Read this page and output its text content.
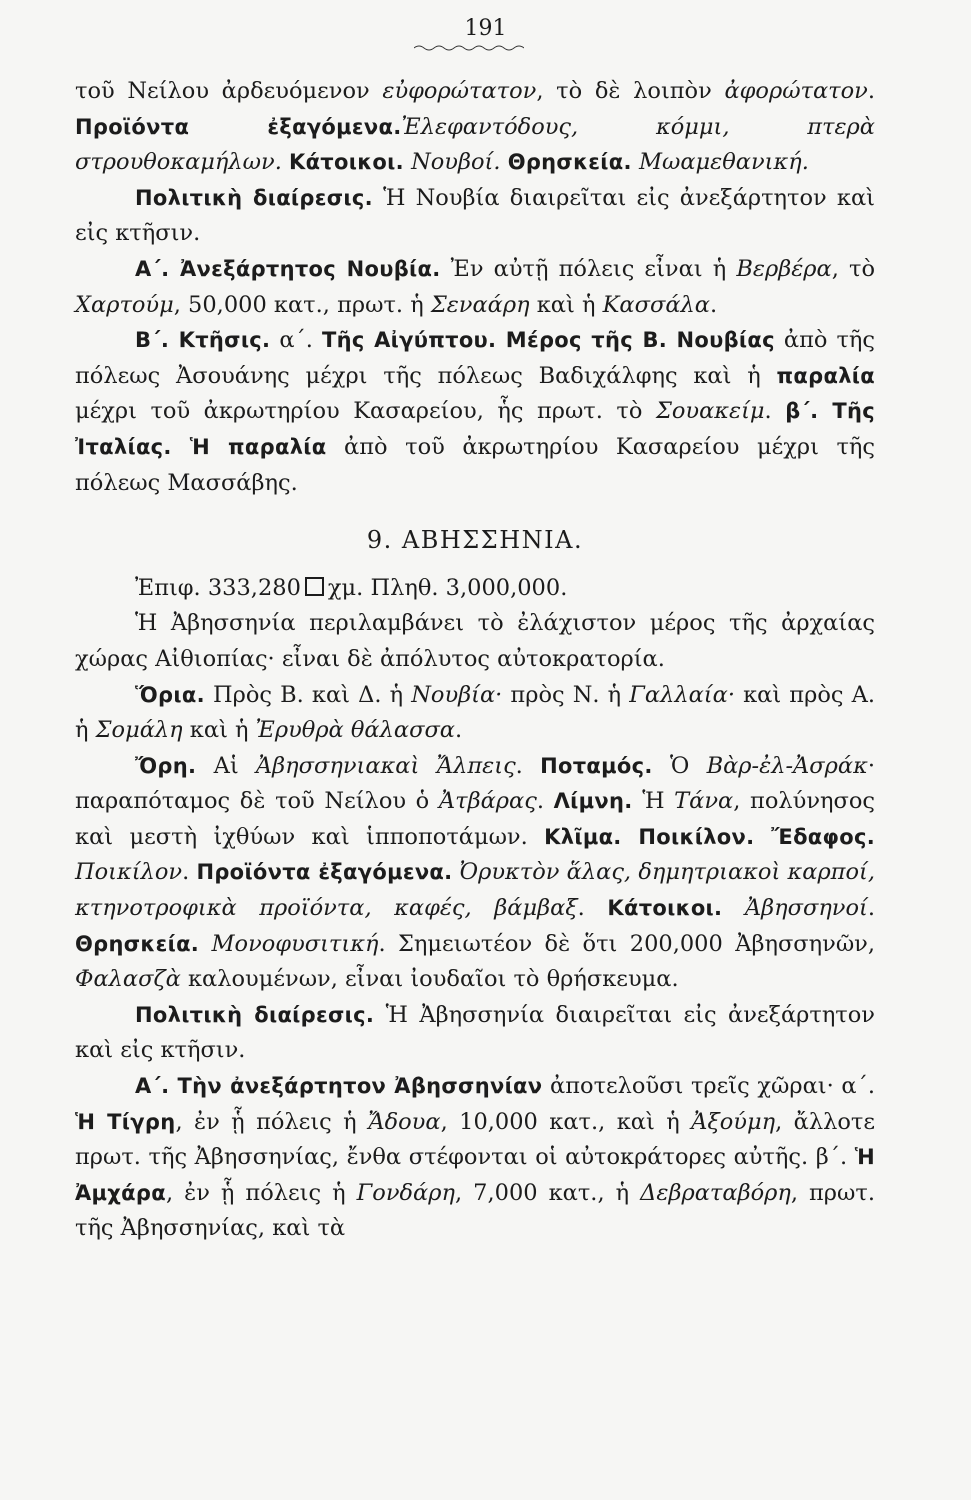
191

τοῦ Νείλου ἀρδευόμενον εὐφορώτατον, τὸ δὲ λοιπὸν ἀφορώτατον. Προϊόντα ἐξαγόμενα.Ἐλεφαντόδους, κόμμι, πτερὰ στρουθοκαμήλων. Κάτοικοι. Νουβοί. Θρησκεία. Μωαμεθανική.

Πολιτικὴ διαίρεσις. Ἡ Νουβία διαιρεῖται εἰς ἀνεξάρτητον καὶ εἰς κτῆσιν.

Α΄. Ἀνεξάρτητος Νουβία. Ἐν αὐτῇ πόλεις εἶναι ἡ Βερβέρα, τὸ Χαρτούμ, 50,000 κατ., πρωτ. ἡ Σεναάρη καὶ ἡ Κασσάλα.

Β΄. Κτῆσις. α΄. Τῆς Αἰγύπτου. Μέρος τῆς Β. Νουβίας ἀπὸ τῆς πόλεως Ἀσουάνης μέχρι τῆς πόλεως Βαδιχάλφης καὶ ἡ παραλία μέχρι τοῦ ἀκρωτηρίου Κασαρείου, ἧς πρωτ. τὸ Σουακείμ. β΄. Τῆς Ἰταλίας. Ἡ παραλία ἀπὸ τοῦ ἀκρωτηρίου Κασαρείου μέχρι τῆς πόλεως Μασσάβης.

9. ΑΒΗΣΣΗΝΙΑ.

Ἐπιφ. 333,280 χμ. Πληθ. 3,000,000.

Ἡ Ἀβησσηνία περιλαμβάνει τὸ ἐλάχιστον μέρος τῆς ἀρχαίας χώρας Αἰθιοπίας· εἶναι δὲ ἀπόλυτος αὐτοκρατορία.

Ὅρια. Πρὸς Β. καὶ Δ. ἡ Νουβία· πρὸς Ν. ἡ Γαλλαία· καὶ πρὸς Α. ἡ Σομάλη καὶ ἡ Ἐρυθρὰ θάλασσα.

Ὄρη. Αἱ Ἀβησσηνιακαὶ Ἄλπεις. Ποταμός. Ὁ Βὰρ-ἐλ-Ἀσράκ· παραπόταμος δὲ τοῦ Νείλου ὁ Ἀτβάρας. Λίμνη. Ἡ Τάνα, πολύνησος καὶ μεστὴ ἰχθύων καὶ ἱπποποτάμων. Κλῖμα. Ποικίλον. Ἔδαφος. Ποικίλον. Προϊόντα ἐξαγόμενα. Ὀρυκτὸν ἅλας, δημητριακοὶ καρποί, κτηνοτροφικὰ προϊόντα, καφές, βάμβαξ. Κάτοικοι. Ἀβησσηνοί. Θρησκεία. Μονοφυσιτική. Σημειωτέον δὲ ὅτι 200,000 Ἀβησσηνῶν, Φαλασζὰ καλουμένων, εἶναι ἰουδαῖοι τὸ θρήσκευμα.

Πολιτικὴ διαίρεσις. Ἡ Ἀβησσηνία διαιρεῖται εἰς ἀνεξάρτητον καὶ εἰς κτῆσιν.

Α΄. Τὴν ἀνεξάρτητον Ἀβησσηνίαν ἀποτελοῦσι τρεῖς χῶραι· α΄. Ἡ Τίγρη, ἐν ᾗ πόλεις ἡ Ἄδουα, 10,000 κατ., καὶ ἡ Ἀξούμη, ἄλλοτε πρωτ. τῆς Ἀβησσηνίας, ἔνθα στέφονται οἱ αὐτοκράτορες αὐτῆς. β΄. Ἡ Ἀμχάρα, ἐν ᾗ πόλεις ἡ Γονδάρη, 7,000 κατ., ἡ Δεβραταβόρη, πρωτ. τῆς Ἀβησσηνίας, καὶ τὰ
